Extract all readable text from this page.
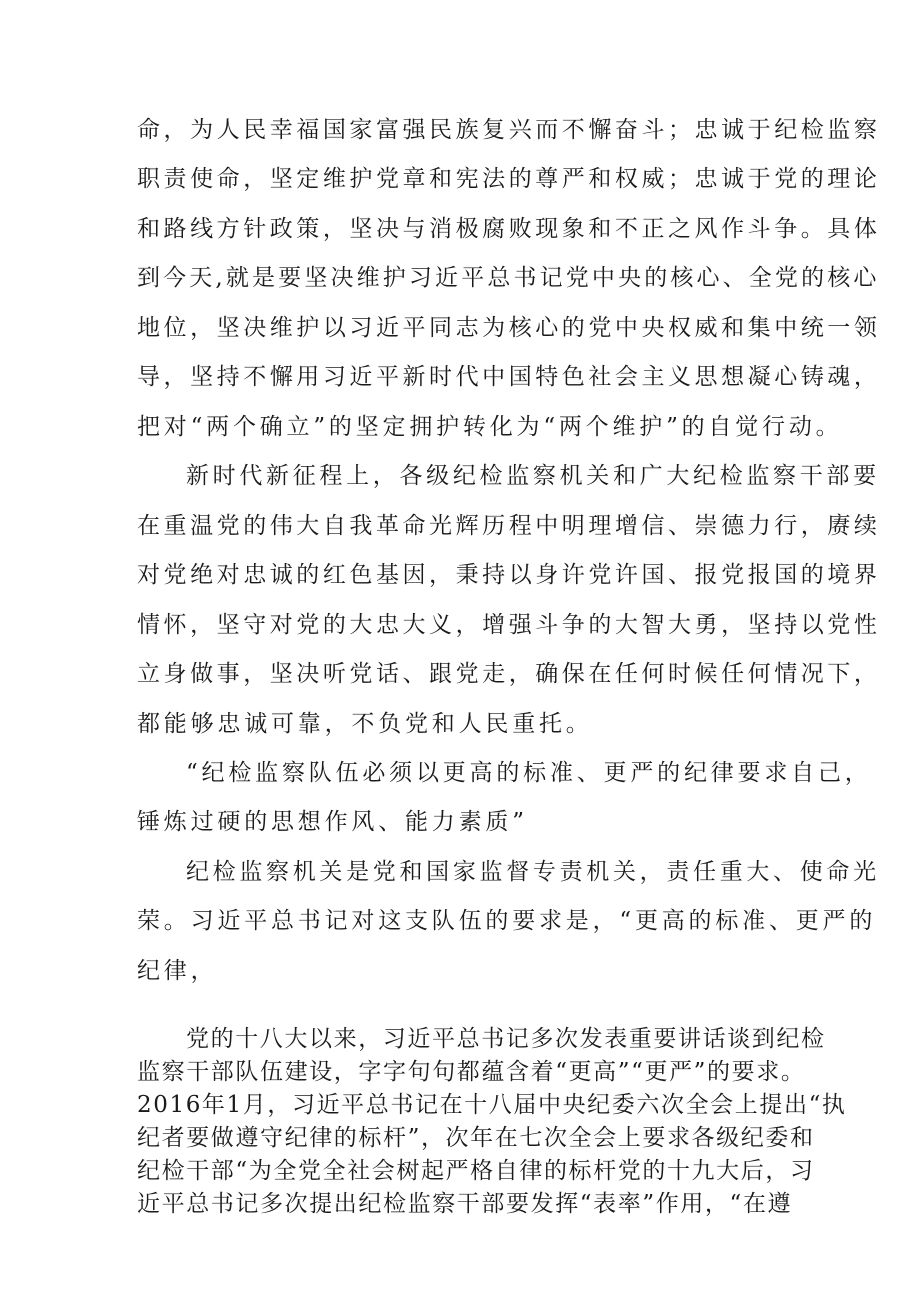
命，为人民幸福国家富强民族复兴而不懈奋斗；忠诚于纪检监察
职责使命，坚定维护党章和宪法的尊严和权威；忠诚于党的理论
和路线方针政策，坚决与消极腐败现象和不正之风作斗争。具体
到今天,就是要坚决维护习近平总书记党中央的核心、全党的核心
地位，坚决维护以习近平同志为核心的党中央权威和集中统一领
导，坚持不懈用习近平新时代中国特色社会主义思想凝心铸魂，
把对“两个确立”的坚定拥护转化为“两个维护”的自觉行动。
新时代新征程上，各级纪检监察机关和广大纪检监察干部要
在重温党的伟大自我革命光辉历程中明理增信、崇德力行，赓续
对党绝对忠诚的红色基因，秉持以身许党许国、报党报国的境界
情怀，坚守对党的大忠大义，增强斗争的大智大勇，坚持以党性
立身做事，坚决听党话、跟党走，确保在任何时候任何情况下，
都能够忠诚可靠，不负党和人民重托。
“纪检监察队伍必须以更高的标准、更严的纪律要求自己，
锤炼过硬的思想作风、能力素质”
纪检监察机关是党和国家监督专责机关，责任重大、使命光
荣。习近平总书记对这支队伍的要求是，“更高的标准、更严的
纪律，
党的十八大以来，习近平总书记多次发表重要讲话谈到纪检
监察干部队伍建设，字字句句都蕴含着“更高”“更严”的要求。
2016年1月，习近平总书记在十八届中央纪委六次全会上提出“执
纪者要做遵守纪律的标杆”，次年在七次全会上要求各级纪委和
纪检干部“为全党全社会树起严格自律的标杆党的十九大后，习
近平总书记多次提出纪检监察干部要发挥“表率”作用，“在遵
